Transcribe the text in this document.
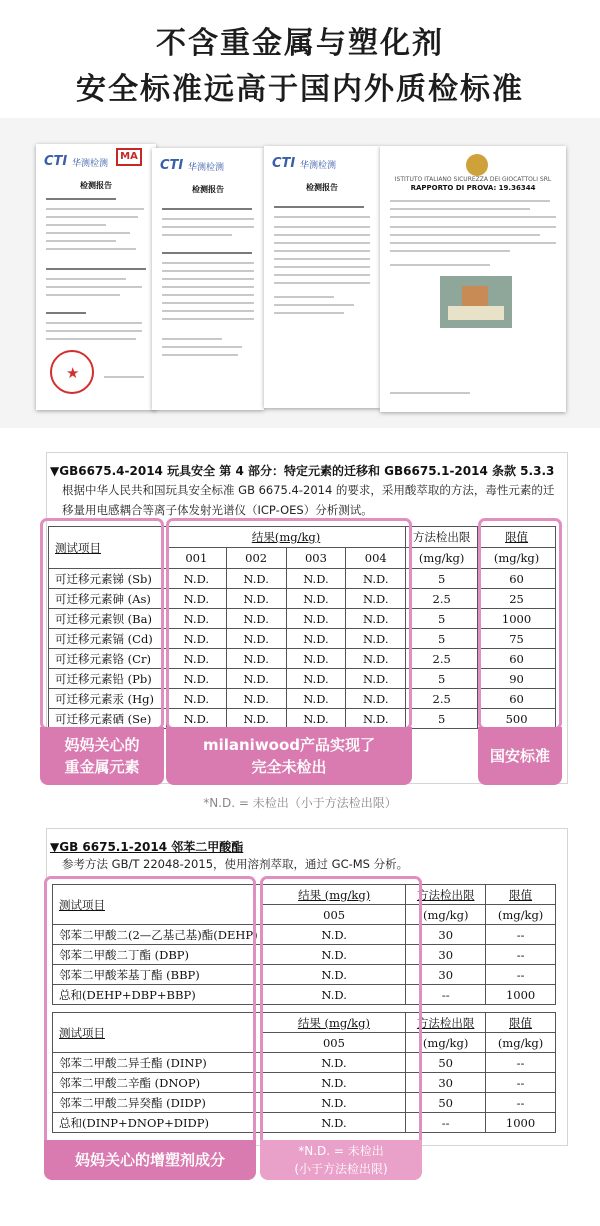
不含重金属与塑化剂
安全标准远高于国内外质检标准
CTI 华测检测
MA
检测报告
★
CTI 华测检测
检测报告
CTI 华测检测
检测报告
ISTITUTO ITALIANO SICUREZZA DEI GIOCATTOLI SRL
RAPPORTO DI PROVA: 19.36344
▼GB6675.4-2014 玩具安全 第 4 部分：特定元素的迁移和 GB6675.1-2014 条款 5.3.3
根据中华人民共和国玩具安全标准 GB 6675.4-2014 的要求，采用酸萃取的方法，毒性元素的迁移量用电感耦合等离子体发射光谱仪（ICP-OES）分析测试。
测试项目	结果(mg/kg)				方法检出限	限值
	001	002	003	004	(mg/kg)	(mg/kg)
可迁移元素锑 (Sb)	N.D.	N.D.	N.D.	N.D.	5	60
可迁移元素砷 (As)	N.D.	N.D.	N.D.	N.D.	2.5	25
可迁移元素钡 (Ba)	N.D.	N.D.	N.D.	N.D.	5	1000
可迁移元素镉 (Cd)	N.D.	N.D.	N.D.	N.D.	5	75
可迁移元素铬 (Cr)	N.D.	N.D.	N.D.	N.D.	2.5	60
可迁移元素铅 (Pb)	N.D.	N.D.	N.D.	N.D.	5	90
可迁移元素汞 (Hg)	N.D.	N.D.	N.D.	N.D.	2.5	60
可迁移元素硒 (Se)	N.D.	N.D.	N.D.	N.D.	5	500
妈妈关心的
重金属元素
milaniwood产品实现了
完全未检出
国安标准
*N.D. = 未检出（小于方法检出限）
▼GB 6675.1-2014 邻苯二甲酸酯
参考方法 GB/T 22048-2015，使用溶剂萃取，通过 GC-MS 分析。
测试项目	结果 (mg/kg)	方法检出限	限值
	005	(mg/kg)	(mg/kg)
邻苯二甲酸二(2—乙基己基)酯(DEHP)	N.D.	30	--
邻苯二甲酸二丁酯 (DBP)	N.D.	30	--
邻苯二甲酸苯基丁酯 (BBP)	N.D.	30	--
总和(DEHP+DBP+BBP)	N.D.	--	1000
测试项目	结果 (mg/kg)	方法检出限	限值
	005	(mg/kg)	(mg/kg)
邻苯二甲酸二异壬酯 (DINP)	N.D.	50	--
邻苯二甲酸二辛酯 (DNOP)	N.D.	30	--
邻苯二甲酸二异癸酯 (DIDP)	N.D.	50	--
总和(DINP+DNOP+DIDP)	N.D.	--	1000
妈妈关心的增塑剂成分	*N.D. = 未检出
(小于方法检出限)
